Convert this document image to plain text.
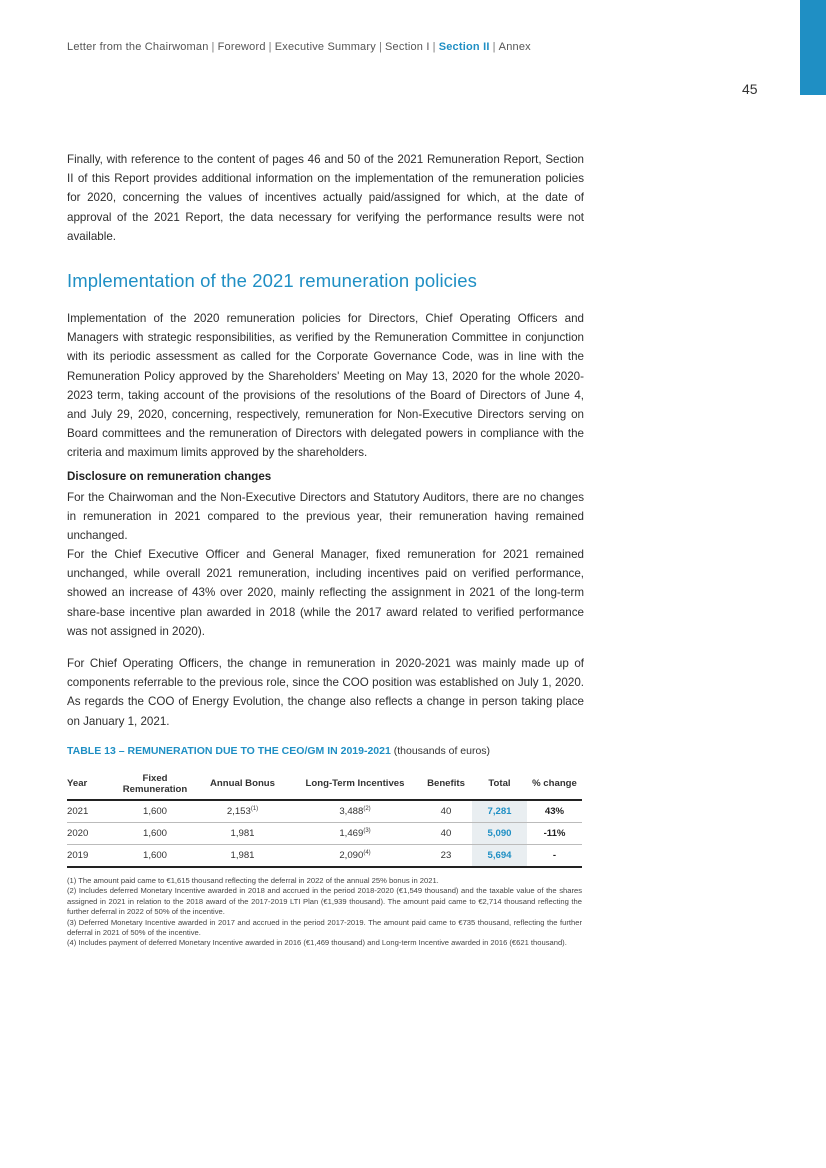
Letter from the Chairwoman | Foreword | Executive Summary | Section I | Section II | Annex
45

Finally, with reference to the content of pages 46 and 50 of the 2021 Remuneration Report, Section II of this Report provides additional information on the implementation of the remuneration policies for 2020, concerning the values of incentives actually paid/assigned for which, at the date of approval of the 2021 Report, the data necessary for verifying the performance results were not available.

Implementation of the 2021 remuneration policies

Implementation of the 2020 remuneration policies for Directors, Chief Operating Officers and Managers with strategic responsibilities, as verified by the Remuneration Committee in conjunction with its periodic assessment as called for the Corporate Governance Code, was in line with the Remuneration Policy approved by the Shareholders' Meeting on May 13, 2020 for the whole 2020-2023 term, taking account of the provisions of the resolutions of the Board of Directors of June 4, and July 29, 2020, concerning, respectively, remuneration for Non-Executive Directors serving on Board committees and the remuneration of Directors with delegated powers in compliance with the criteria and maximum limits approved by the shareholders.

Disclosure on remuneration changes

For the Chairwoman and the Non-Executive Directors and Statutory Auditors, there are no changes in remuneration in 2021 compared to the previous year, their remuneration having remained unchanged.

For the Chief Executive Officer and General Manager, fixed remuneration for 2021 remained unchanged, while overall 2021 remuneration, including incentives paid on verified performance, showed an increase of 43% over 2020, mainly reflecting the assignment in 2021 of the long-term share-base incentive plan awarded in 2018 (while the 2017 award related to verified performance was not assigned in 2020).

For Chief Operating Officers, the change in remuneration in 2020-2021 was mainly made up of components referrable to the previous role, since the COO position was established on July 1, 2020. As regards the COO of Energy Evolution, the change also reflects a change in person taking place on January 1, 2021.

TABLE 13 – REMUNERATION DUE TO THE CEO/GM IN 2019-2021 (thousands of euros)
Year	Fixed Remuneration	Annual Bonus	Long-Term Incentives	Benefits	Total	% change
2021	1,600	2,153$^{(1)}$	3,488$^{(2)}$	40	7,281	43%
2020	1,600	1,981	1,469$^{(3)}$	40	5,090	-11%
2019	1,600	1,981	2,090$^{(4)}$	23	5,694	-

(1) The amount paid came to €1,615 thousand reflecting the deferral in 2022 of the annual 25% bonus in 2021.

(2) Includes deferred Monetary Incentive awarded in 2018 and accrued in the period 2018-2020 (€1,549 thousand) and the taxable value of the shares assigned in 2021 in relation to the 2018 award of the 2017-2019 LTI Plan (€1,939 thousand). The amount paid came to €2,714 thousand reflecting the further deferral in 2022 of 50% of the incentive.

(3) Deferred Monetary Incentive awarded in 2017 and accrued in the period 2017-2019. The amount paid came to €735 thousand, reflecting the further deferral in 2021 of 50% of the incentive.

(4) Includes payment of deferred Monetary Incentive awarded in 2016 (€1,469 thousand) and Long-term Incentive awarded in 2016 (€621 thousand).
